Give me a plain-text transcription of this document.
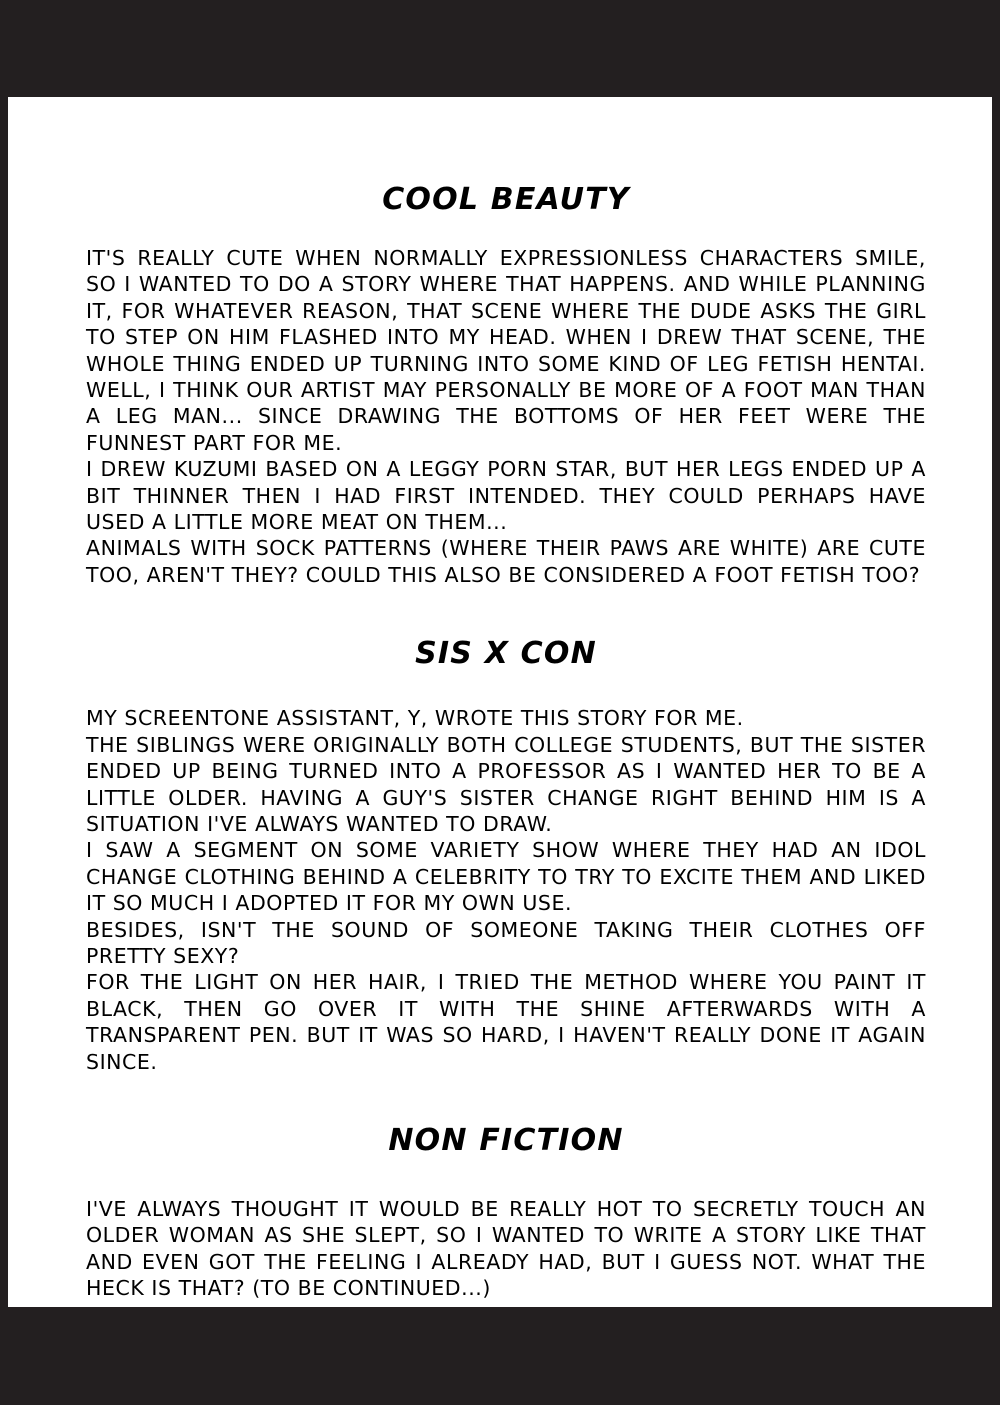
COOL BEAUTY

IT'S REALLY CUTE WHEN NORMALLY EXPRESSIONLESS CHARACTERS SMILE, SO I WANTED TO DO A STORY WHERE THAT HAPPENS. AND WHILE PLANNING IT, FOR WHATEVER REASON, THAT SCENE WHERE THE DUDE ASKS THE GIRL TO STEP ON HIM FLASHED INTO MY HEAD. WHEN I DREW THAT SCENE, THE WHOLE THING ENDED UP TURNING INTO SOME KIND OF LEG FETISH HENTAI. WELL, I THINK OUR ARTIST MAY PERSONALLY BE MORE OF A FOOT MAN THAN A LEG MAN... SINCE DRAWING THE BOTTOMS OF HER FEET WERE THE FUNNEST PART FOR ME.

I DREW KUZUMI BASED ON A LEGGY PORN STAR, BUT HER LEGS ENDED UP A BIT THINNER THEN I HAD FIRST INTENDED. THEY COULD PERHAPS HAVE USED A LITTLE MORE MEAT ON THEM...

ANIMALS WITH SOCK PATTERNS (WHERE THEIR PAWS ARE WHITE) ARE CUTE TOO, AREN'T THEY? COULD THIS ALSO BE CONSIDERED A FOOT FETISH TOO?

SIS X CON

MY SCREENTONE ASSISTANT, Y, WROTE THIS STORY FOR ME.

THE SIBLINGS WERE ORIGINALLY BOTH COLLEGE STUDENTS, BUT THE SISTER ENDED UP BEING TURNED INTO A PROFESSOR AS I WANTED HER TO BE A LITTLE OLDER. HAVING A GUY'S SISTER CHANGE RIGHT BEHIND HIM IS A SITUATION I'VE ALWAYS WANTED TO DRAW.

I SAW A SEGMENT ON SOME VARIETY SHOW WHERE THEY HAD AN IDOL CHANGE CLOTHING BEHIND A CELEBRITY TO TRY TO EXCITE THEM AND LIKED IT SO MUCH I ADOPTED IT FOR MY OWN USE.

BESIDES, ISN'T THE SOUND OF SOMEONE TAKING THEIR CLOTHES OFF PRETTY SEXY?

FOR THE LIGHT ON HER HAIR, I TRIED THE METHOD WHERE YOU PAINT IT BLACK, THEN GO OVER IT WITH THE SHINE AFTERWARDS WITH A TRANSPARENT PEN. BUT IT WAS SO HARD, I HAVEN'T REALLY DONE IT AGAIN SINCE.

NON FICTION

I'VE ALWAYS THOUGHT IT WOULD BE REALLY HOT TO SECRETLY TOUCH AN OLDER WOMAN AS SHE SLEPT, SO I WANTED TO WRITE A STORY LIKE THAT AND EVEN GOT THE FEELING I ALREADY HAD, BUT I GUESS NOT. WHAT THE HECK IS THAT? (TO BE CONTINUED...)
